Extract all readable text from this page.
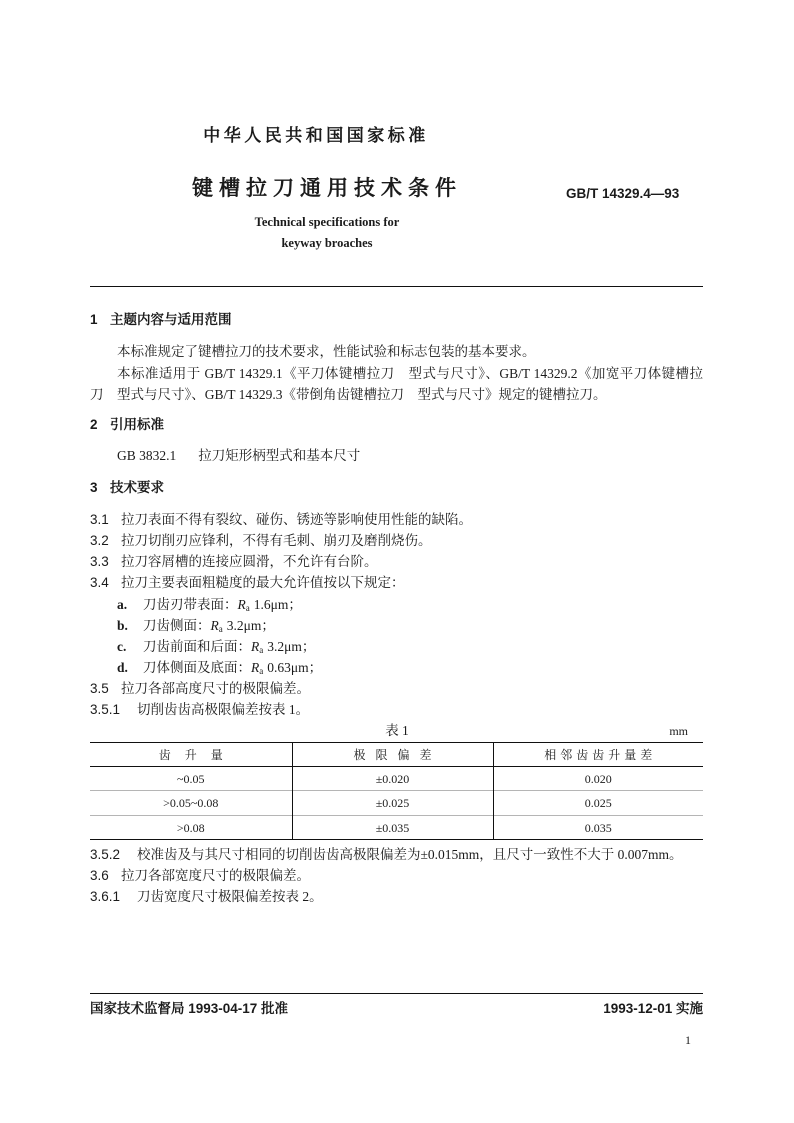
中华人民共和国国家标准
键槽拉刀通用技术条件	GB/T 14329.4—93
Technical specifications for
keyway broaches
1 主题内容与适用范围
本标准规定了键槽拉刀的技术要求，性能试验和标志包装的基本要求。
本标准适用于 GB/T 14329.1《平刀体键槽拉刀　型式与尺寸》、GB/T 14329.2《加宽平刀体键槽拉
刀　型式与尺寸》、GB/T 14329.3《带倒角齿键槽拉刀　型式与尺寸》规定的键槽拉刀。
2 引用标准
GB 3832.1 拉刀矩形柄型式和基本尺寸
3 技术要求
3.1 拉刀表面不得有裂纹、碰伤、锈迹等影响使用性能的缺陷。
3.2 拉刀切削刃应锋利，不得有毛刺、崩刃及磨削烧伤。
3.3 拉刀容屑槽的连接应圆滑，不允许有台阶。
3.4 拉刀主要表面粗糙度的最大允许值按以下规定：
a. 刀齿刃带表面：$R_a$ 1.6μm；
b. 刀齿侧面：$R_a$ 3.2μm；
c. 刀齿前面和后面：$R_a$ 3.2μm；
d. 刀体侧面及底面：$R_a$ 0.63μm；
3.5 拉刀各部高度尺寸的极限偏差。
3.5.1 切削齿齿高极限偏差按表 1。
表 1	mm
齿升量	极限偏差	相邻齿齿升量差
~0.05	±0.020	0.020
>0.05~0.08	±0.025	0.025
>0.08	±0.035	0.035
3.5.2 校准齿及与其尺寸相同的切削齿齿高极限偏差为±0.015mm，且尺寸一致性不大于 0.007mm。
3.6 拉刀各部宽度尺寸的极限偏差。
3.6.1 刀齿宽度尺寸极限偏差按表 2。
国家技术监督局 1993-04-17 批准	1993-12-01 实施
1
